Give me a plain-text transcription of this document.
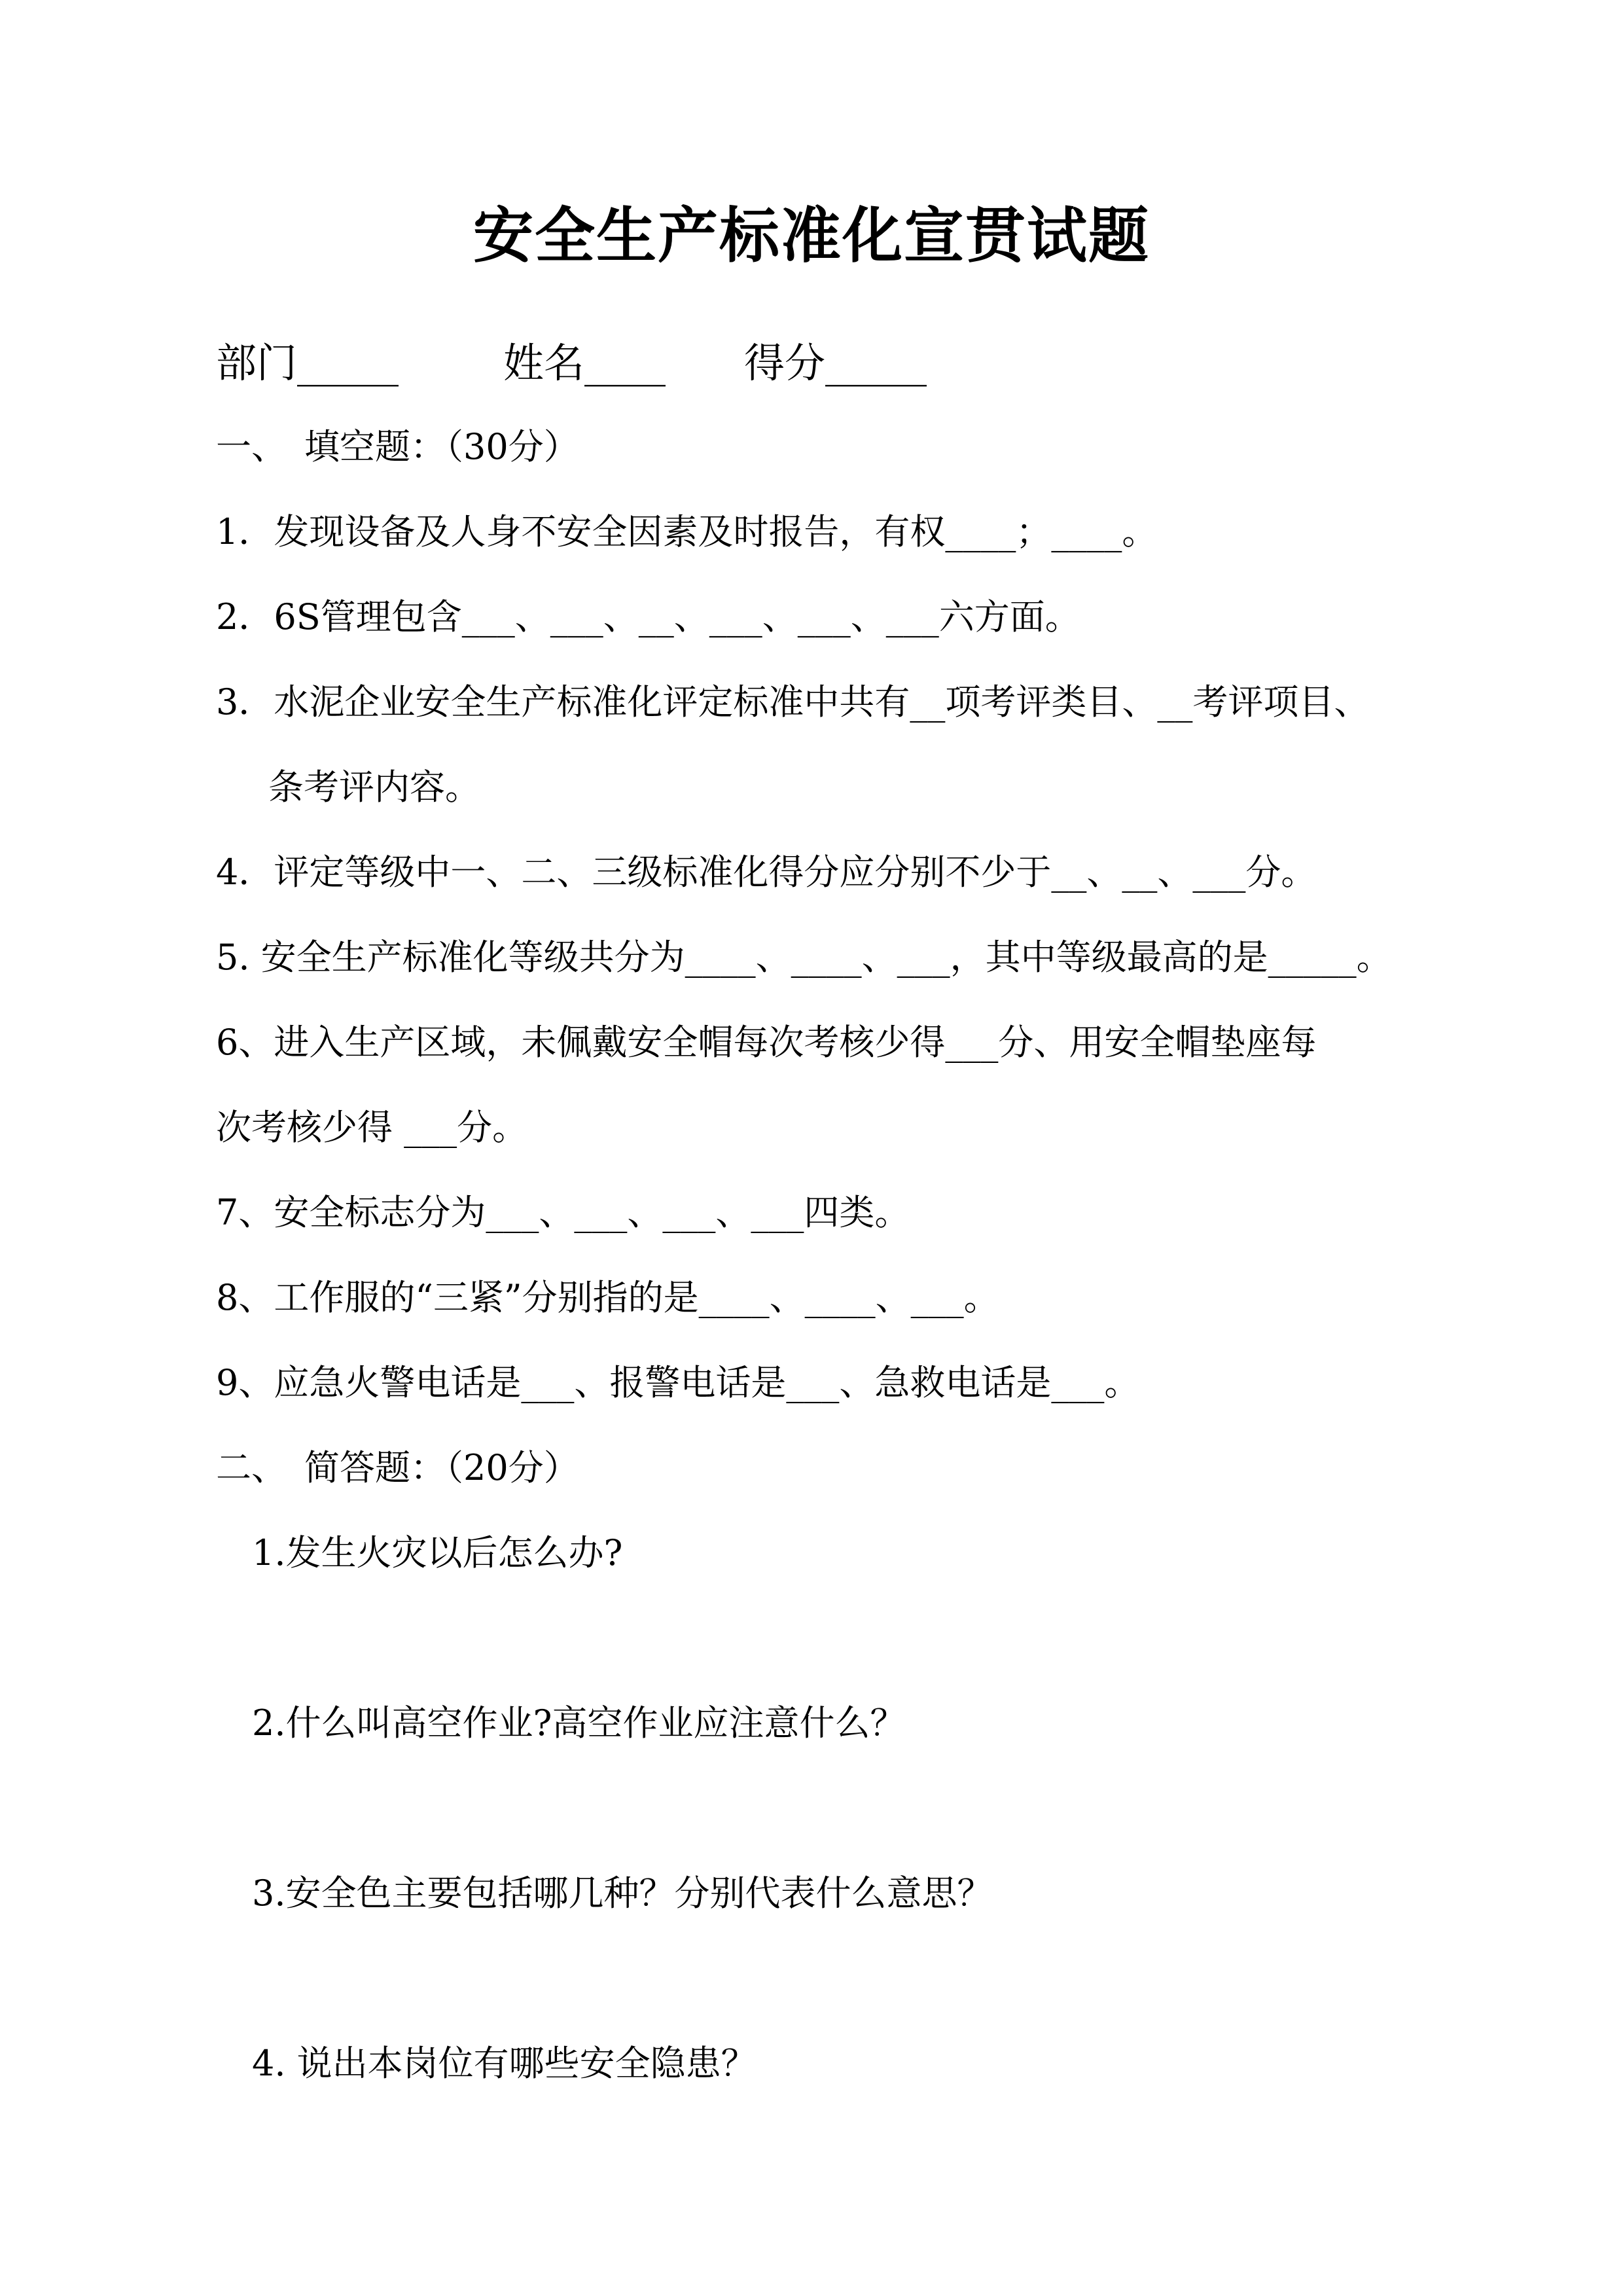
安全生产标准化宣贯试题
部门_____	姓名____ 得分_____
一、　填空题：（30分）
1．发现设备及人身不安全因素及时报告，有权____；____。
2．6S管理包含___、___、__、___、___、___六方面。
3．水泥企业安全生产标准化评定标准中共有__项考评类目、__考评项目、
条考评内容。
4．评定等级中一、二、三级标准化得分应分别不少于__、__、___分。
5. 安全生产标准化等级共分为____、____、___，其中等级最高的是_____。
6、进入生产区域，未佩戴安全帽每次考核少得___分、用安全帽垫座每
次考核少得 ___分。
7、安全标志分为___、___、___、___四类。
8、工作服的“三紧”分别指的是____、____、___。
9、应急火警电话是___、报警电话是___、急救电话是___。
二、　简答题：（20分）
1.发生火灾以后怎么办?
2.什么叫高空作业?高空作业应注意什么？
3.安全色主要包括哪几种？分别代表什么意思？
4. 说出本岗位有哪些安全隐患？
